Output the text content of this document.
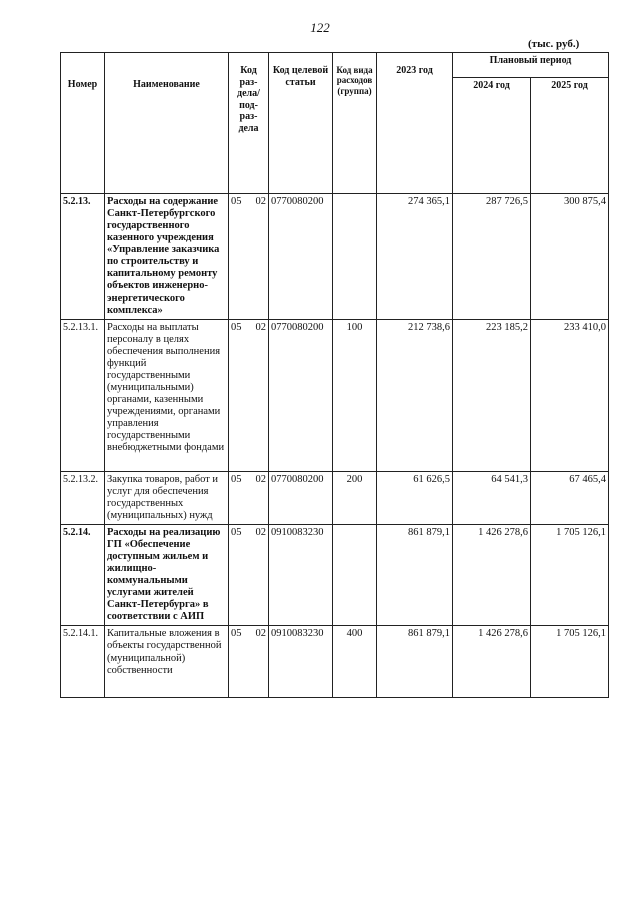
122
(тыс. руб.)
Номер	Наименование	Код раз-дела/ под-раз-дела	Код целевой статьи	Код вида расходов (группа)	2023 год	Плановый период	
						2024 год	2025 год
5.2.13.	Расходы на содержание Санкт-Петербургского государственного казенного учреждения «Управление заказчика по строительству и капитальному ремонту объектов инженерно-энергетического комплекса»	05 02	0770080200		274 365,1	287 726,5	300 875,4
5.2.13.1.	Расходы на выплаты персоналу в целях обеспечения выполнения функций государственными (муниципальными) органами, казенными учреждениями, органами управления государственными внебюджетными фондами	05 02	0770080200	100	212 738,6	223 185,2	233 410,0
5.2.13.2.	Закупка товаров, работ и услуг для обеспечения государственных (муниципальных) нужд	05 02	0770080200	200	61 626,5	64 541,3	67 465,4
5.2.14.	Расходы на реализацию ГП «Обеспечение доступным жильем и жилищно-коммунальными услугами жителей Санкт-Петербурга» в соответствии с АИП	05 02	0910083230		861 879,1	1 426 278,6	1 705 126,1
5.2.14.1.	Капитальные вложения в объекты государственной (муниципальной) собственности	05 02	0910083230	400	861 879,1	1 426 278,6	1 705 126,1
